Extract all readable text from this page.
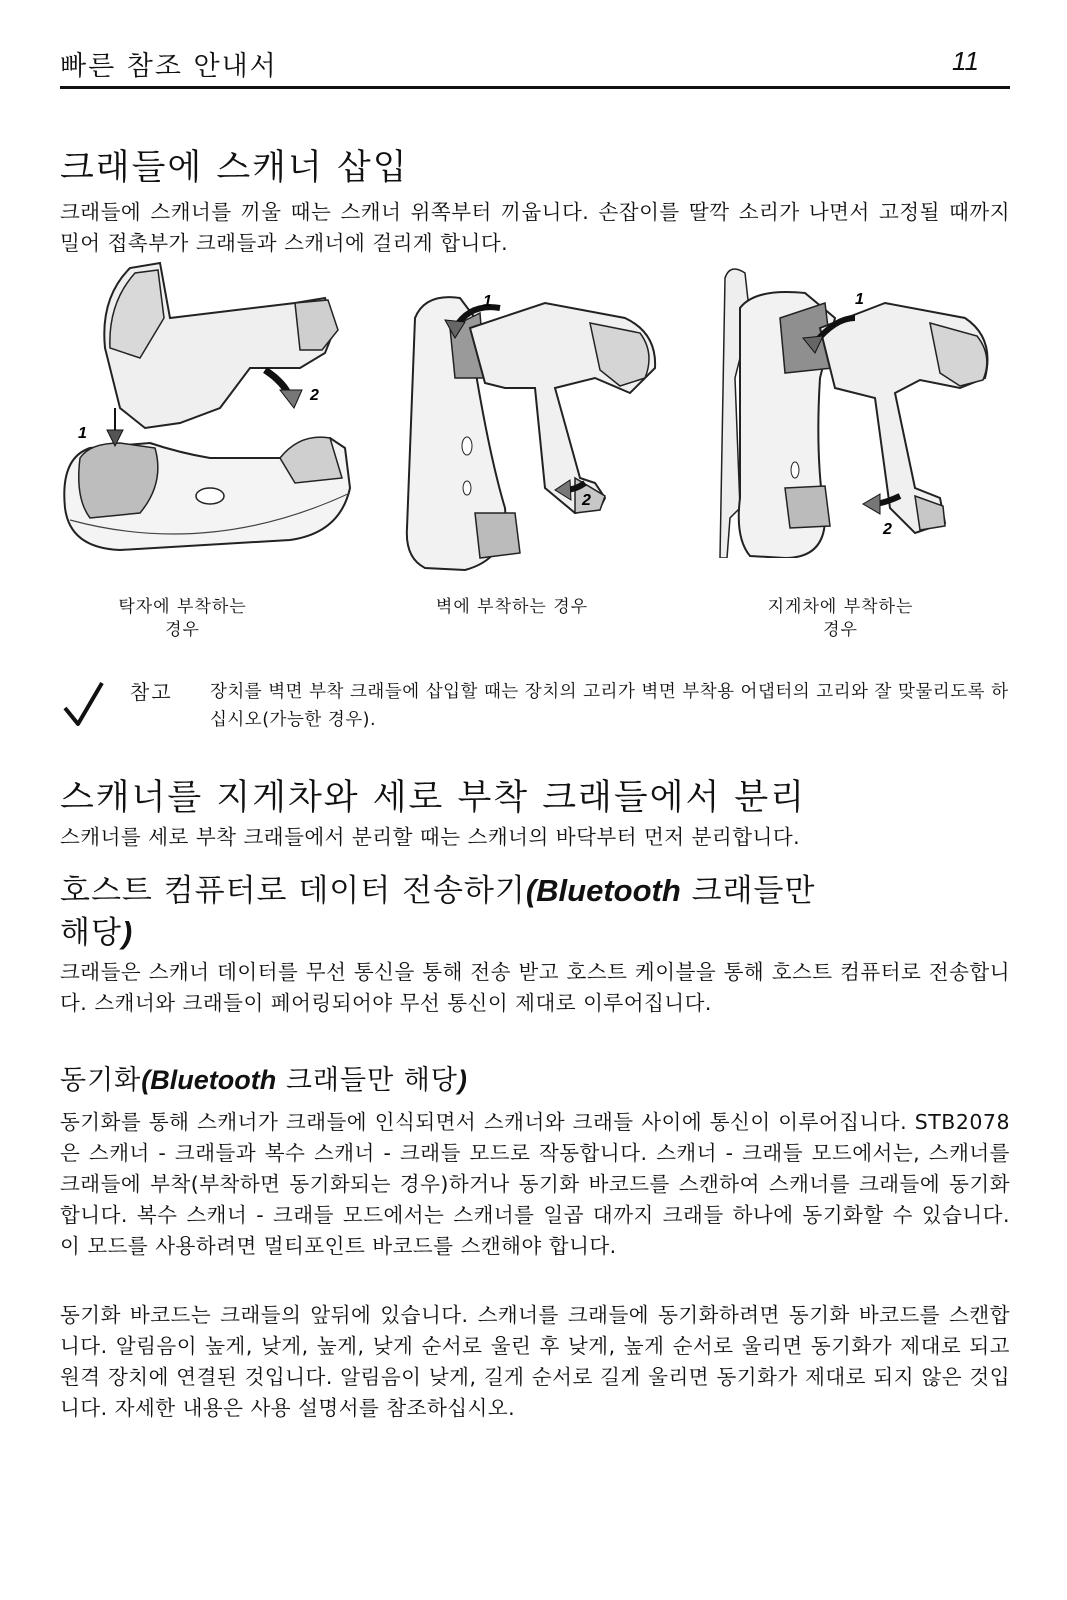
빠른 참조 안내서	11
크래들에 스캐너 삽입

크래들에 스캐너를 끼울 때는 스캐너 위쪽부터 끼웁니다. 손잡이를 딸깍 소리가 나면서 고정될 때까지 밀어 접촉부가 크래들과 스캐너에 걸리게 합니다.

1
2
탁자에 부착하는
경우
1
2
벽에 부착하는 경우
1
2
지게차에 부착하는
경우
참고 장치를 벽면 부착 크래들에 삽입할 때는 장치의 고리가 벽면 부착용 어댑터의 고리와 잘 맞물리도록 하십시오(가능한 경우).

스캐너를 지게차와 세로 부착 크래들에서 분리

스캐너를 세로 부착 크래들에서 분리할 때는 스캐너의 바닥부터 먼저 분리합니다.

호스트 컴퓨터로 데이터 전송하기(Bluetooth 크래들만
해당)

크래들은 스캐너 데이터를 무선 통신을 통해 전송 받고 호스트 케이블을 통해 호스트 컴퓨터로 전송합니다. 스캐너와 크래들이 페어링되어야 무선 통신이 제대로 이루어집니다.

동기화(Bluetooth 크래들만 해당)

동기화를 통해 스캐너가 크래들에 인식되면서 스캐너와 크래들 사이에 통신이 이루어집니다. STB2078은 스캐너 - 크래들과 복수 스캐너 - 크래들 모드로 작동합니다. 스캐너 - 크래들 모드에서는, 스캐너를 크래들에 부착(부착하면 동기화되는 경우)하거나 동기화 바코드를 스캔하여 스캐너를 크래들에 동기화합니다. 복수 스캐너 - 크래들 모드에서는 스캐너를 일곱 대까지 크래들 하나에 동기화할 수 있습니다. 이 모드를 사용하려면 멀티포인트 바코드를 스캔해야 합니다.

동기화 바코드는 크래들의 앞뒤에 있습니다. 스캐너를 크래들에 동기화하려면 동기화 바코드를 스캔합니다. 알림음이 높게, 낮게, 높게, 낮게 순서로 울린 후 낮게, 높게 순서로 울리면 동기화가 제대로 되고 원격 장치에 연결된 것입니다. 알림음이 낮게, 길게 순서로 길게 울리면 동기화가 제대로 되지 않은 것입니다. 자세한 내용은 사용 설명서를 참조하십시오.
